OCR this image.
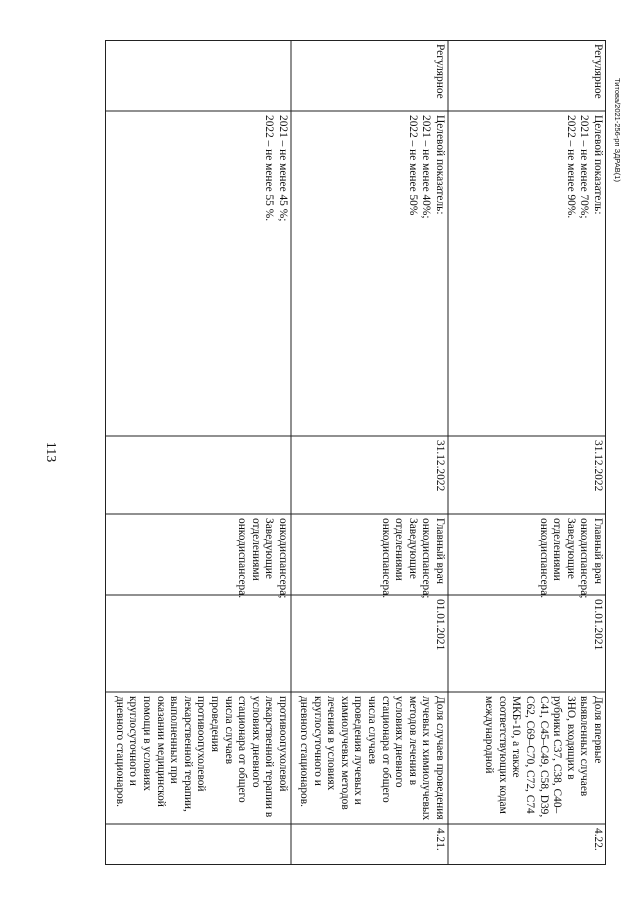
113
Титова/2021-256-рп ЗДРАВ(1)
2021 – не менее 45 %;
2022 – не менее 55 %.
онкодиспансера;
Заведующие
отделениями
онкодиспансера.
противоопухолевой
лекарственной терапии в
условиях дневного
стационара от общего
числа случаев
проведения
противоопухолевой
лекарственной терапии,
выполненных при
оказании медицинской
помощи в условиях
круглосуточного и
дневного стационаров.
Регулярное
Целевой показатель:
2021 – не менее 40%;
2022 – не менее 50%
31.12.2022
Главный врач
онкодиспансера;
Заведующие
отделениями
онкодиспансера.
01.01.2021
Доля случаев проведения
лучевых и химиолучевых
методов лечения в
условиях дневного
стационара от общего
числа случаев
проведения лучевых и
химиолучевых методов
лечения в условиях
круглосуточного и
дневного стационаров.
4.21.
Регулярное
Целевой показатель:
2021 – не менее 70%;
2022 – не менее 90%.
31.12.2022
Главный врач
онкодиспансера;
Заведующие
отделениями
онкодиспансера.
01.01.2021
Доля впервые
выявленных случаев
ЗНО, входящих в
рубрики C37, C38, C40–
C41, C45–C49, C58, D39,
C62, C69–C70, C72, C74
МКБ-10, а также
соответствующих кодам
международной
4.22.
